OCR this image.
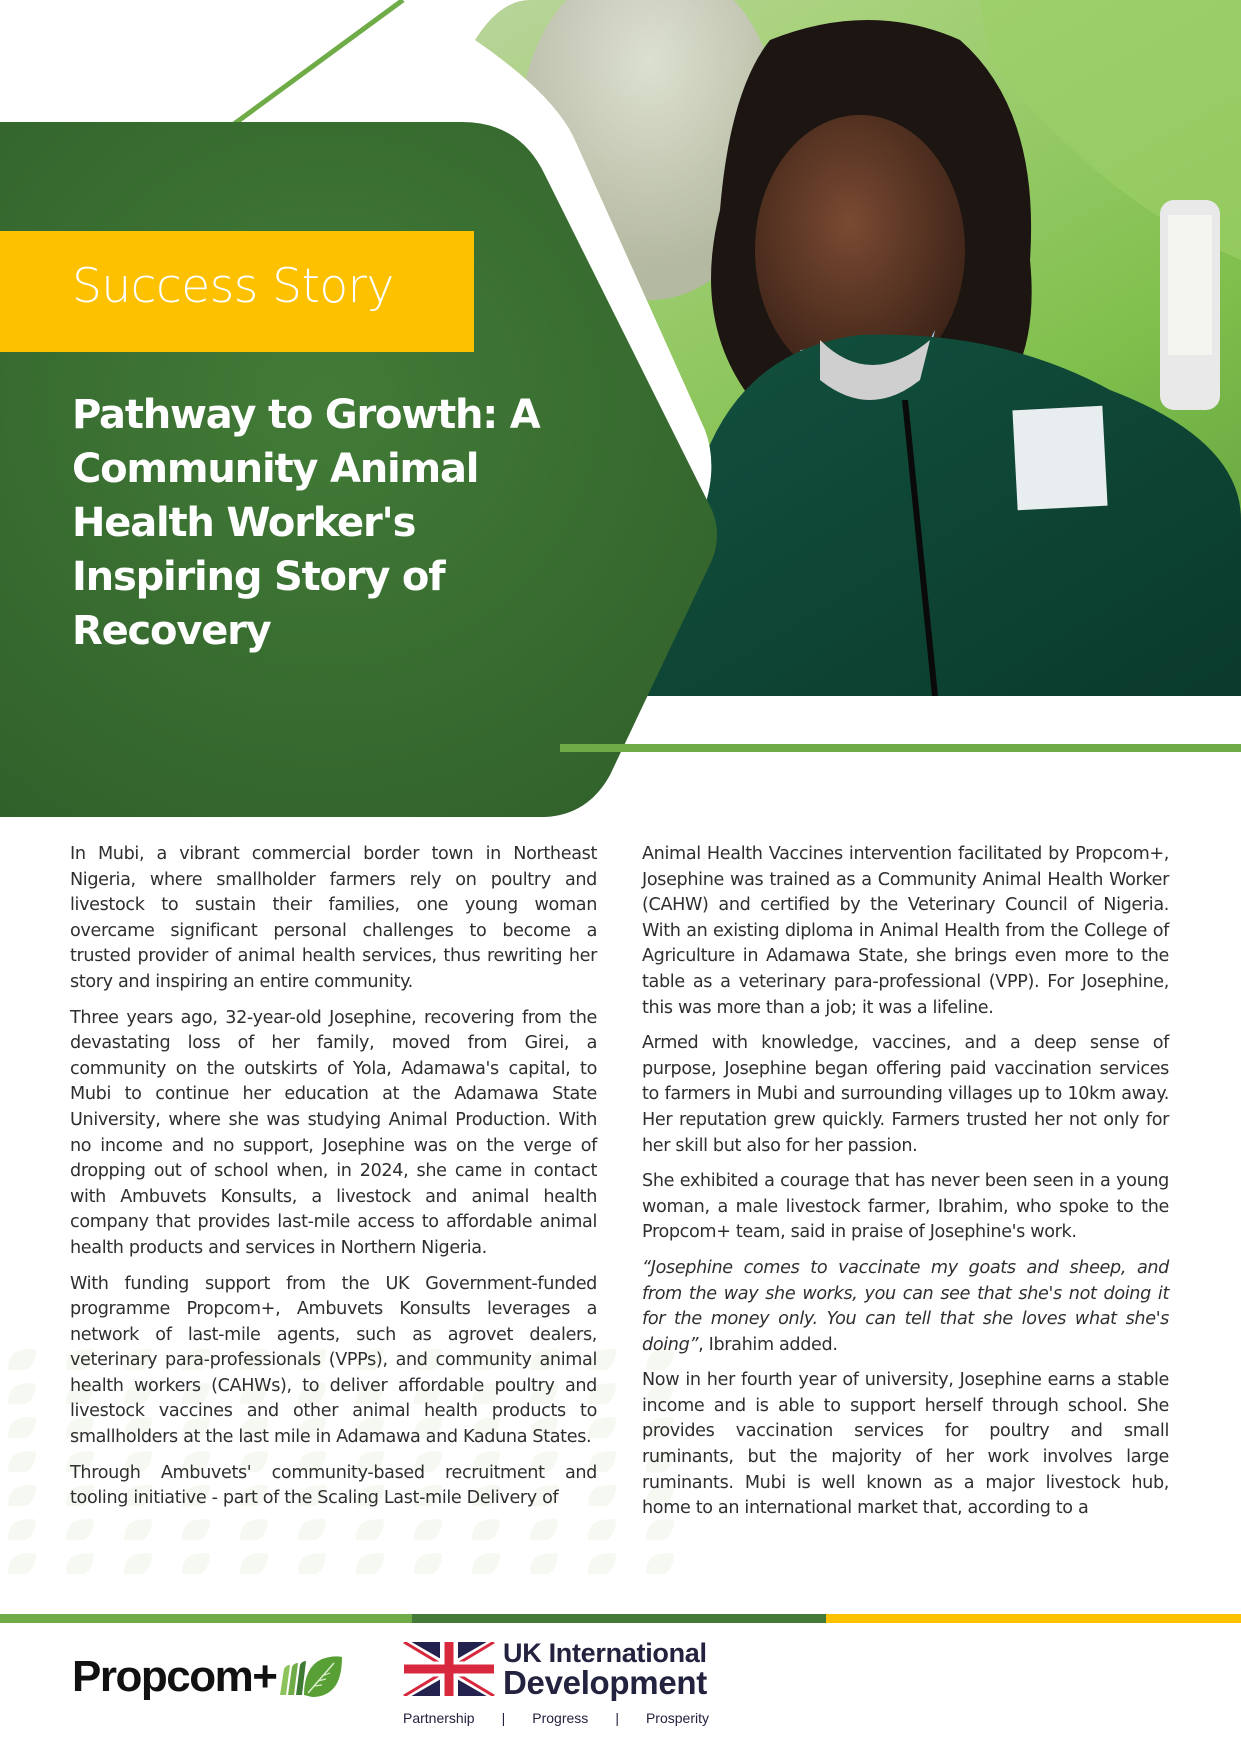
Success Story
Pathway to Growth: A Community Animal Health Worker's Inspiring Story of Recovery

In Mubi, a vibrant commercial border town in Northeast Nigeria, where smallholder farmers rely on poultry and livestock to sustain their families, one young woman overcame significant personal challenges to become a trusted provider of animal health services, thus rewriting her story and inspiring an entire community.

Three years ago, 32-year-old Josephine, recovering from the devastating loss of her family, moved from Girei, a community on the outskirts of Yola, Adamawa's capital, to Mubi to continue her education at the Adamawa State University, where she was studying Animal Production. With no income and no support, Josephine was on the verge of dropping out of school when, in 2024, she came in contact with Ambuvets Konsults, a livestock and animal health company that provides last-mile access to affordable animal health products and services in Northern Nigeria.

With funding support from the UK Government-funded programme Propcom+, Ambuvets Konsults leverages a network of last-mile agents, such as agrovet dealers, veterinary para-professionals (VPPs), and community animal health workers (CAHWs), to deliver affordable poultry and livestock vaccines and other animal health products to smallholders at the last mile in Adamawa and Kaduna States.

Through Ambuvets' community-based recruitment and tooling initiative - part of the Scaling Last-mile Delivery of

Animal Health Vaccines intervention facilitated by Propcom+, Josephine was trained as a Community Animal Health Worker (CAHW) and certified by the Veterinary Council of Nigeria. With an existing diploma in Animal Health from the College of Agriculture in Adamawa State, she brings even more to the table as a veterinary para-professional (VPP). For Josephine, this was more than a job; it was a lifeline.

Armed with knowledge, vaccines, and a deep sense of purpose, Josephine began offering paid vaccination services to farmers in Mubi and surrounding villages up to 10km away. Her reputation grew quickly. Farmers trusted her not only for her skill but also for her passion.

She exhibited a courage that has never been seen in a young woman, a male livestock farmer, Ibrahim, who spoke to the Propcom+ team, said in praise of Josephine's work.

“Josephine comes to vaccinate my goats and sheep, and from the way she works, you can see that she's not doing it for the money only. You can tell that she loves what she's doing”, Ibrahim added.

Now in her fourth year of university, Josephine earns a stable income and is able to support herself through school. She provides vaccination services for poultry and small ruminants, but the majority of her work involves large ruminants. Mubi is well known as a major livestock hub, home to an international market that, according to a

Propcom+	UK International
Development
Partnership | Progress | Prosperity
